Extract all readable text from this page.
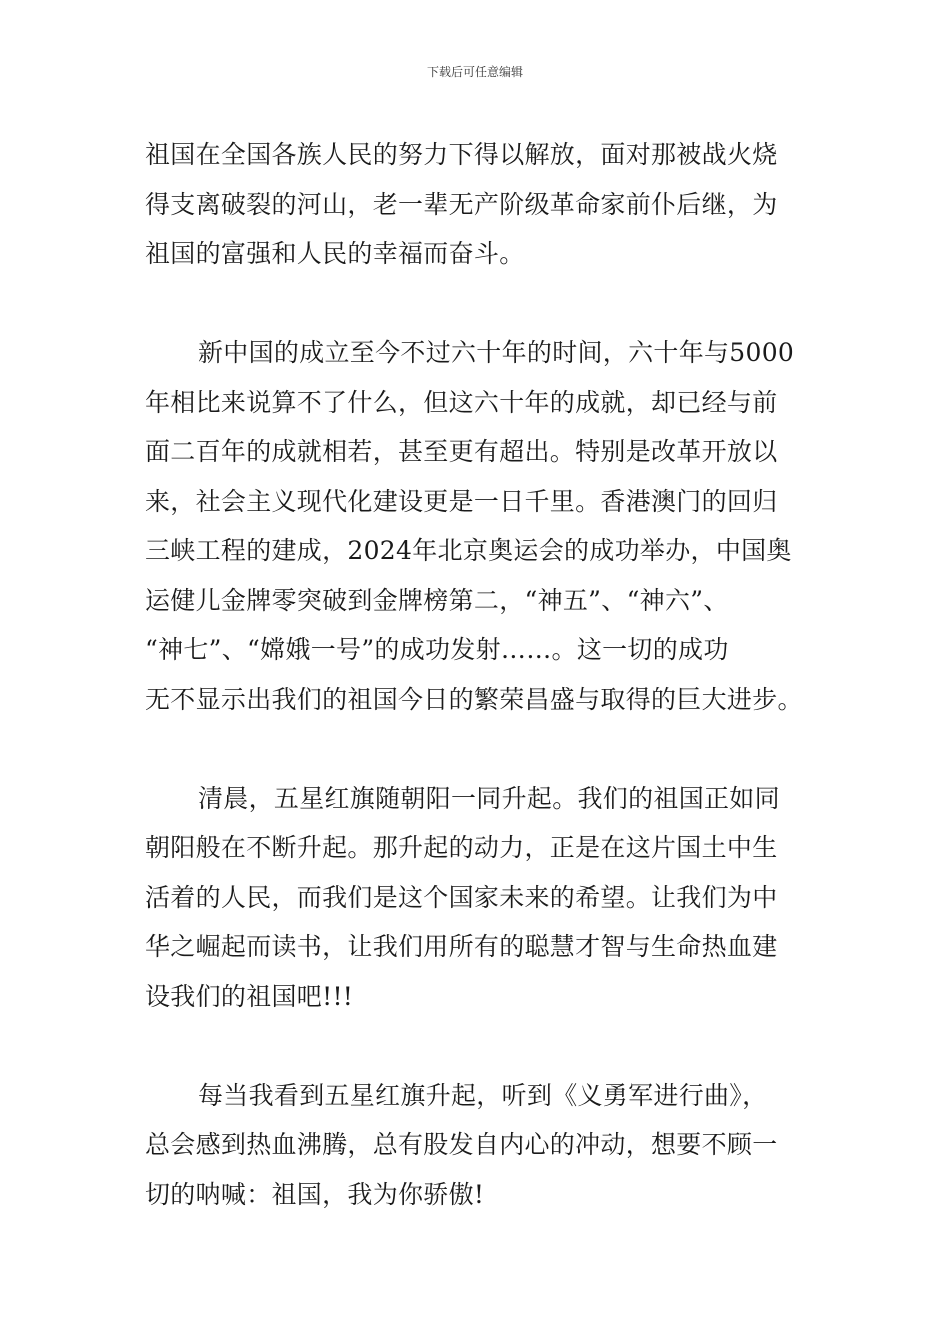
下载后可任意编辑
祖国在全国各族人民的努力下得以解放，面对那被战火烧
得支离破裂的河山，老一辈无产阶级革命家前仆后继，为
祖国的富强和人民的幸福而奋斗。
新中国的成立至今不过六十年的时间，六十年与5000
年相比来说算不了什么，但这六十年的成就，却已经与前
面二百年的成就相若，甚至更有超出。特别是改革开放以
来，社会主义现代化建设更是一日千里。香港澳门的回归
三峡工程的建成，2024年北京奥运会的成功举办，中国奥
运健儿金牌零突破到金牌榜第二，“神五”、“神六”、
“神七”、“嫦娥一号”的成功发射……。这一切的成功
无不显示出我们的祖国今日的繁荣昌盛与取得的巨大进步。
清晨，五星红旗随朝阳一同升起。我们的祖国正如同
朝阳般在不断升起。那升起的动力，正是在这片国土中生
活着的人民，而我们是这个国家未来的希望。让我们为中
华之崛起而读书，让我们用所有的聪慧才智与生命热血建
设我们的祖国吧!!!
每当我看到五星红旗升起，听到《义勇军进行曲》，
总会感到热血沸腾，总有股发自内心的冲动，想要不顾一
切的呐喊：祖国，我为你骄傲!
